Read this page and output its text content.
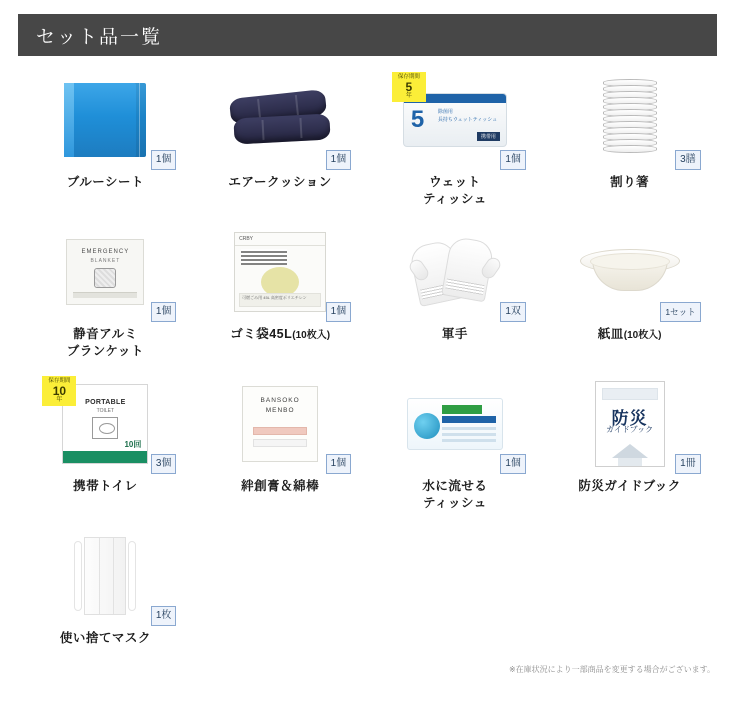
セット品一覧
1個
ブルーシート
1個
エアークッション
保存期間
5
年
5	除菌用
長持ちウェットティッシュ
携帯用
1個
ウェット
ティッシュ
3膳
割り箸
EMERGENCY
BLANKET
1個
静音アルミ
ブランケット
CRBY
可燃ごみ用 45L 高密度ポリエチレン
1個
ゴミ袋45L(10枚入)
1双
軍手
1セット
紙皿(10枚入)
保存期間
10
年	PORTABLE
TOILET
10回
3個
携帯トイレ
BANSOKO
MENBO
1個
絆創膏＆綿棒
1個
水に流せる
ティッシュ
防災
ガイドブック
1冊
防災ガイドブック
1枚
使い捨てマスク
※在庫状況により一部商品を変更する場合がございます。
